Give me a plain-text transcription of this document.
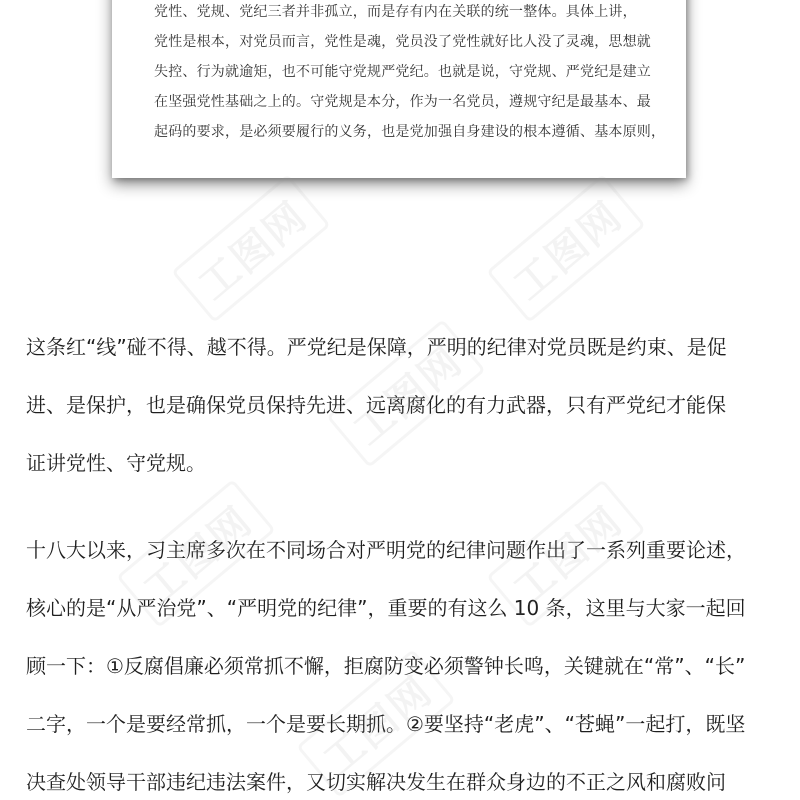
党性、党规、党纪三者并非孤立，而是存有内在关联的统一整体。具体上讲，
党性是根本，对党员而言，党性是魂，党员没了党性就好比人没了灵魂，思想就
失控、行为就逾矩，也不可能守党规严党纪。也就是说，守党规、严党纪是建立
在坚强党性基础之上的。守党规是本分，作为一名党员，遵规守纪是最基本、最
起码的要求，是必须要履行的义务，也是党加强自身建设的根本遵循、基本原则，
这条红“线”碰不得、越不得。严党纪是保障，严明的纪律对党员既是约束、是促
进、是保护，也是确保党员保持先进、远离腐化的有力武器，只有严党纪才能保
证讲党性、守党规。
十八大以来，习主席多次在不同场合对严明党的纪律问题作出了一系列重要论述，
核心的是“从严治党”、“严明党的纪律”，重要的有这么 10 条，这里与大家一起回
顾一下：①反腐倡廉必须常抓不懈，拒腐防变必须警钟长鸣，关键就在“常”、“长”
二字，一个是要经常抓，一个是要长期抓。②要坚持“老虎”、“苍蝇”一起打，既坚
决查处领导干部违纪违法案件，又切实解决发生在群众身边的不正之风和腐败问
工图网	工图网
工图网
工图网	工图网
工图网
